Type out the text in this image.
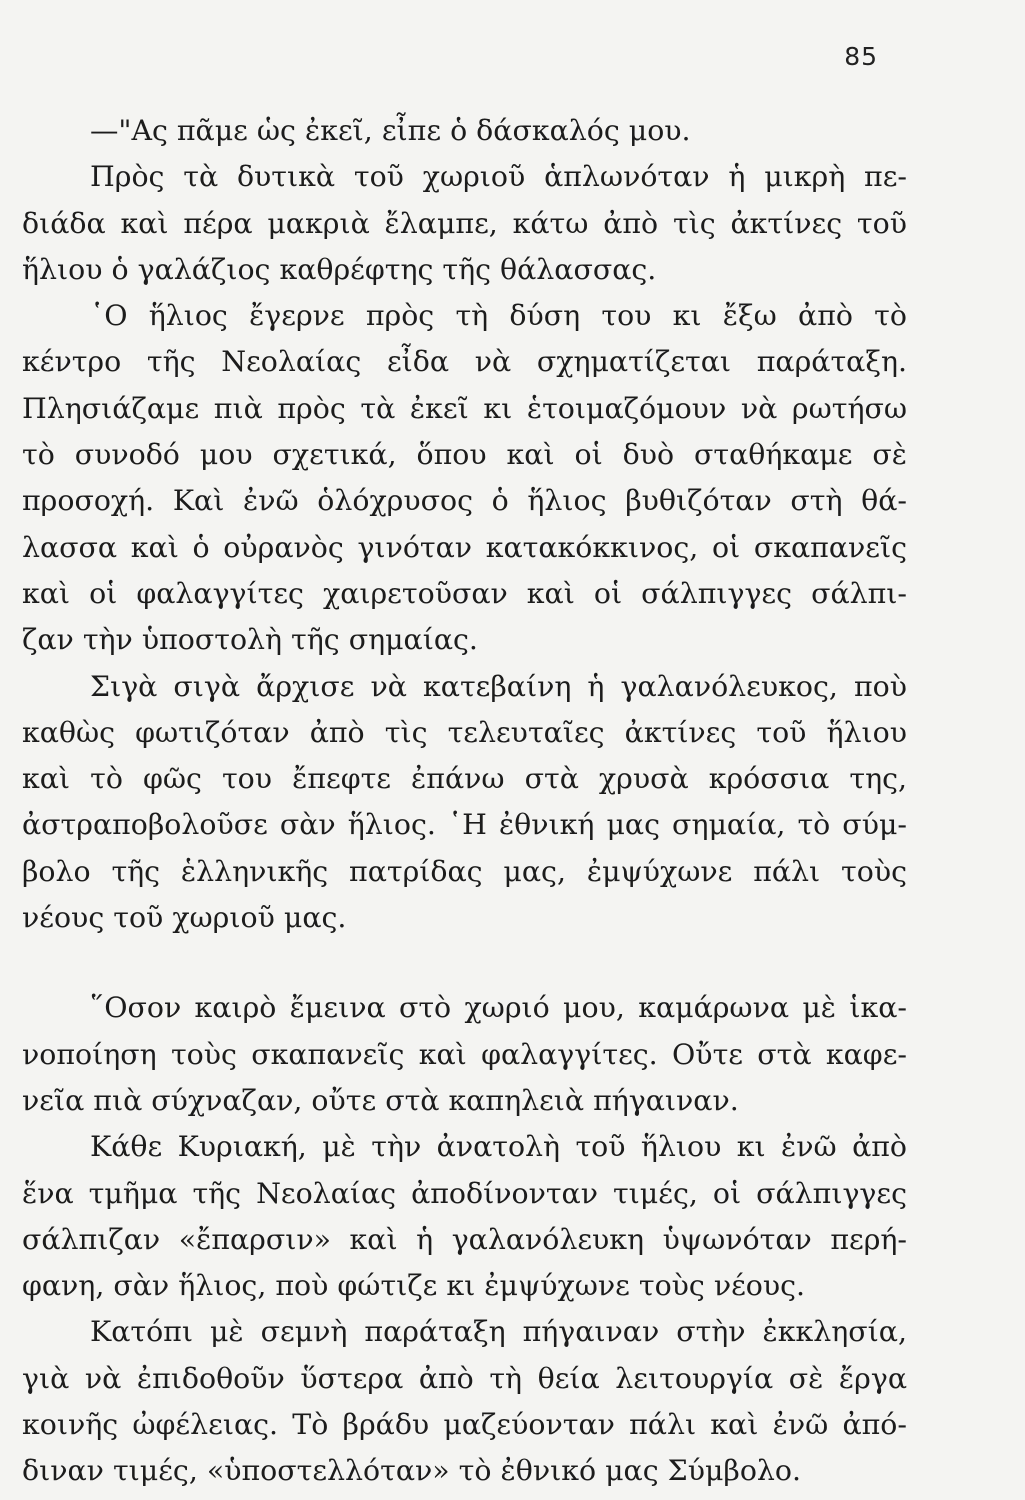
85
—"Ας πᾶμε ὡς ἐκεῖ, εἶπε ὁ δάσκαλός μου.
Πρὸς τὰ δυτικὰ τοῦ χωριοῦ ἁπλωνόταν ἡ μικρὴ πε-
διάδα καὶ πέρα μακριὰ ἔλαμπε, κάτω ἀπὸ τὶς ἀκτίνες τοῦ
ἥλιου ὁ γαλάζιος καθρέφτης τῆς θάλασσας.
῾Ο ἥλιος ἔγερνε πρὸς τὴ δύση του κι ἔξω ἀπὸ τὸ
κέντρο τῆς Νεολαίας εἶδα νὰ σχηματίζεται παράταξη.
Πλησιάζαμε πιὰ πρὸς τὰ ἐκεῖ κι ἑτοιμαζόμουν νὰ ρωτήσω
τὸ συνοδό μου σχετικά, ὅπου καὶ οἱ δυὸ σταθήκαμε σὲ
προσοχή. Καὶ ἐνῶ ὁλόχρυσος ὁ ἥλιος βυθιζόταν στὴ θά-
λασσα καὶ ὁ οὐρανὸς γινόταν κατακόκκινος, οἱ σκαπανεῖς
καὶ οἱ φαλαγγίτες χαιρετοῦσαν καὶ οἱ σάλπιγγες σάλπι-
ζαν τὴν ὑποστολὴ τῆς σημαίας.
Σιγὰ σιγὰ ἄρχισε νὰ κατεβαίνη ἡ γαλανόλευκος, ποὺ
καθὼς φωτιζόταν ἀπὸ τὶς τελευταῖες ἀκτίνες τοῦ ἥλιου
καὶ τὸ φῶς του ἔπεφτε ἐπάνω στὰ χρυσὰ κρόσσια της,
ἀστραποβολοῦσε σὰν ἥλιος. ῾Η ἐθνική μας σημαία, τὸ σύμ-
βολο τῆς ἑλληνικῆς πατρίδας μας, ἐμψύχωνε πάλι τοὺς
νέους τοῦ χωριοῦ μας.
῞Οσον καιρὸ ἔμεινα στὸ χωριό μου, καμάρωνα μὲ ἱκα-
νοποίηση τοὺς σκαπανεῖς καὶ φαλαγγίτες. Οὔτε στὰ καφε-
νεῖα πιὰ σύχναζαν, οὔτε στὰ καπηλειὰ πήγαιναν.
Κάθε Κυριακή, μὲ τὴν ἀνατολὴ τοῦ ἥλιου κι ἐνῶ ἀπὸ
ἕνα τμῆμα τῆς Νεολαίας ἀποδίνονταν τιμές, οἱ σάλπιγγες
σάλπιζαν «ἔπαρσιν» καὶ ἡ γαλανόλευκη ὑψωνόταν περή-
φανη, σὰν ἥλιος, ποὺ φώτιζε κι ἐμψύχωνε τοὺς νέους.
Κατόπι μὲ σεμνὴ παράταξη πήγαιναν στὴν ἐκκλησία,
γιὰ νὰ ἐπιδοθοῦν ὕστερα ἀπὸ τὴ θεία λειτουργία σὲ ἔργα
κοινῆς ὠφέλειας. Τὸ βράδυ μαζεύονταν πάλι καὶ ἐνῶ ἀπό-
διναν τιμές, «ὑποστελλόταν» τὸ ἐθνικό μας Σύμβολο.
